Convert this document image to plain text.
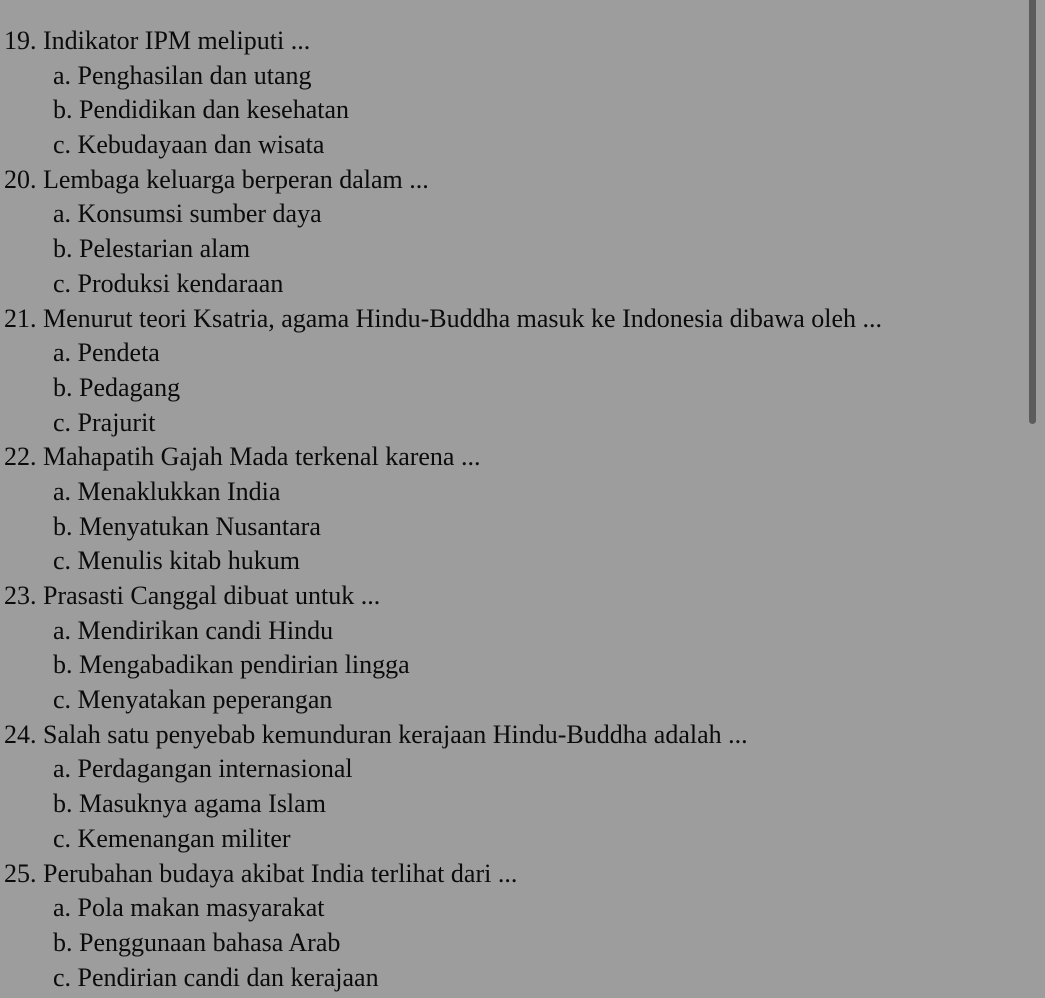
19. Indikator IPM meliputi ...
a. Penghasilan dan utang
b. Pendidikan dan kesehatan
c. Kebudayaan dan wisata
20. Lembaga keluarga berperan dalam ...
a. Konsumsi sumber daya
b. Pelestarian alam
c. Produksi kendaraan
21. Menurut teori Ksatria, agama Hindu-Buddha masuk ke Indonesia dibawa oleh ...
a. Pendeta
b. Pedagang
c. Prajurit
22. Mahapatih Gajah Mada terkenal karena ...
a. Menaklukkan India
b. Menyatukan Nusantara
c. Menulis kitab hukum
23. Prasasti Canggal dibuat untuk ...
a. Mendirikan candi Hindu
b. Mengabadikan pendirian lingga
c. Menyatakan peperangan
24. Salah satu penyebab kemunduran kerajaan Hindu-Buddha adalah ...
a. Perdagangan internasional
b. Masuknya agama Islam
c. Kemenangan militer
25. Perubahan budaya akibat India terlihat dari ...
a. Pola makan masyarakat
b. Penggunaan bahasa Arab
c. Pendirian candi dan kerajaan
